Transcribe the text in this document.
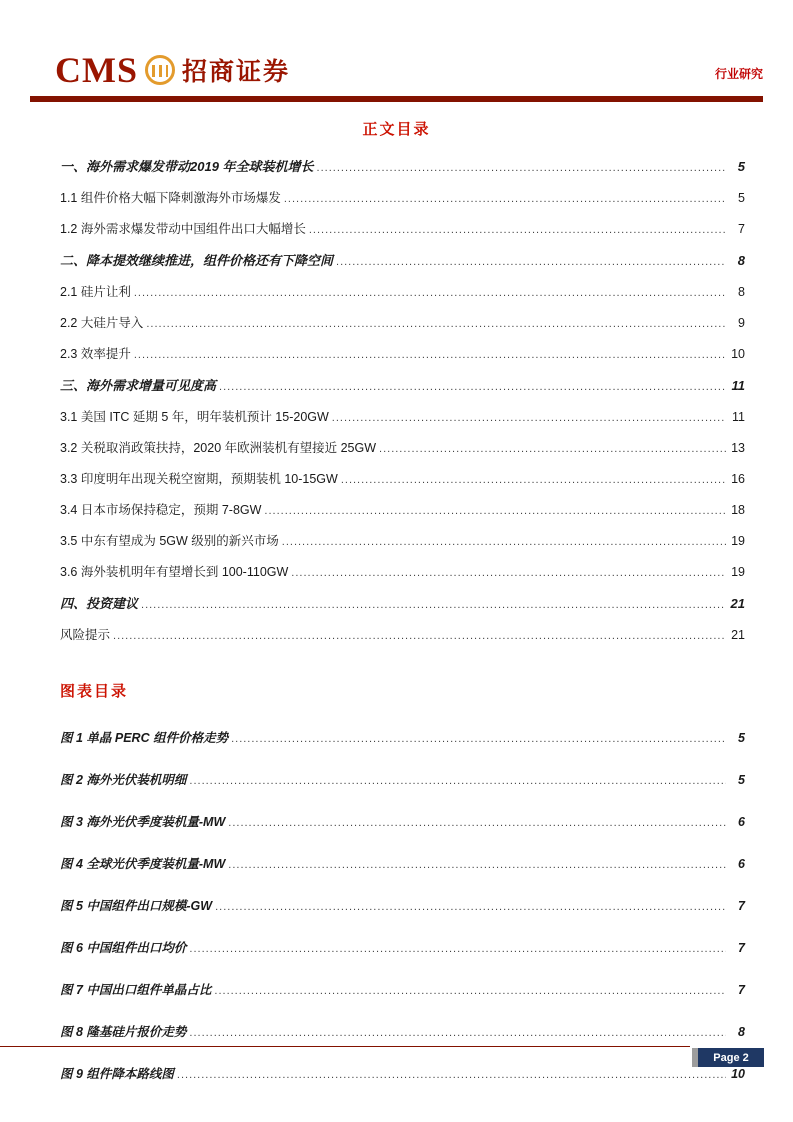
CMS 招商证券	行业研究
正文目录
一、海外需求爆发带动2019 年全球装机增长 .....	5
1.1 组件价格大幅下降刺激海外市场爆发 .....	5
1.2 海外需求爆发带动中国组件出口大幅增长 .....	7
二、降本提效继续推进，组件价格还有下降空间 .....	8
2.1 硅片让利 .....	8
2.2 大硅片导入 .....	9
2.3 效率提升 .....	10
三、海外需求增量可见度高 .....	11
3.1 美国 ITC 延期 5 年，明年装机预计 15-20GW .....	11
3.2 关税取消政策扶持，2020 年欧洲装机有望接近 25GW .....	13
3.3 印度明年出现关税空窗期，预期装机 10-15GW .....	16
3.4 日本市场保持稳定，预期 7-8GW .....	18
3.5 中东有望成为 5GW 级别的新兴市场 .....	19
3.6 海外装机明年有望增长到 100-110GW .....	19
四、投资建议 .....	21
风险提示 .....	21
图表目录
图 1 单晶 PERC 组件价格走势 .....	5
图 2 海外光伏装机明细 .....	5
图 3 海外光伏季度装机量-MW .....	6
图 4 全球光伏季度装机量-MW .....	6
图 5 中国组件出口规模-GW .....	7
图 6 中国组件出口均价 .....	7
图 7 中国出口组件单晶占比 .....	7
图 8 隆基硅片报价走势 .....	8
图 9 组件降本路线图 .....	10
Page 2
